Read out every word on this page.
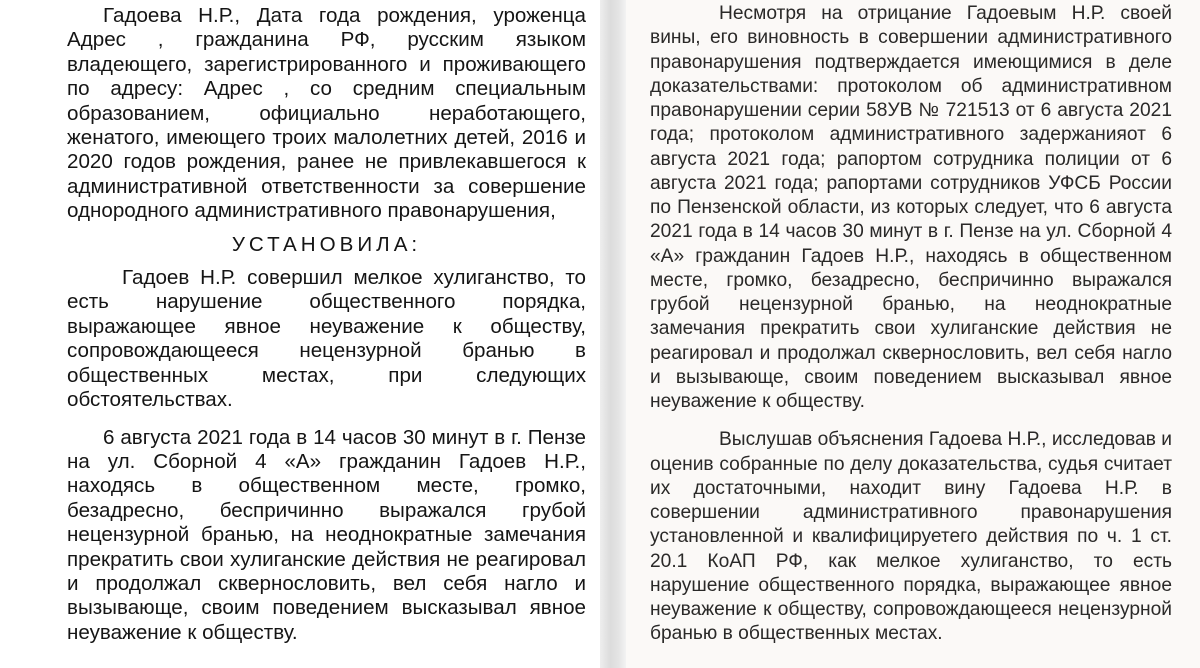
Гадоева Н.Р., Дата года рождения, уроженца Адрес , гражданина РФ, русским языком владеющего, зарегистрированного и проживающего по адресу: Адрес , со средним специальным образованием, официально неработающего, женатого, имеющего троих малолетних детей, 2016 и 2020 годов рождения, ранее не привлекавшегося к административной ответственности за совершение однородного административного правонарушения,

УСТАНОВИЛА:

Гадоев Н.Р. совершил мелкое хулиганство, то есть нарушение общественного порядка, выражающее явное неуважение к обществу, сопровождающееся нецензурной бранью в общественных местах, при следующих обстоятельствах.

6 августа 2021 года в 14 часов 30 минут в г. Пензе на ул. Сборной 4 «А» гражданин Гадоев Н.Р., находясь в общественном месте, громко, безадресно, беспричинно выражался грубой нецензурной бранью, на неоднократные замечания прекратить свои хулиганские действия не реагировал и продолжал сквернословить, вел себя нагло и вызывающе, своим поведением высказывал явное неуважение к обществу.

Несмотря на отрицание Гадоевым Н.Р. своей вины, его виновность в совершении административного правонарушения подтверждается имеющимися в деле доказательствами: протоколом об административном правонарушении серии 58УВ № 721513 от 6 августа 2021 года; протоколом административного задержанияот 6 августа 2021 года; рапортом сотрудника полиции от 6 августа 2021 года; рапортами сотрудников УФСБ России по Пензенской области, из которых следует, что 6 августа 2021 года в 14 часов 30 минут в г. Пензе на ул. Сборной 4 «А» гражданин Гадоев Н.Р., находясь в общественном месте, громко, безадресно, беспричинно выражался грубой нецензурной бранью, на неоднократные замечания прекратить свои хулиганские действия не реагировал и продолжал сквернословить, вел себя нагло и вызывающе, своим поведением высказывал явное неуважение к обществу.

Выслушав объяснения Гадоева Н.Р., исследовав и оценив собранные по делу доказательства, судья считает их достаточными, находит вину Гадоева Н.Р. в совершении административного правонарушения установленной и квалифицируетего действия по ч. 1 ст. 20.1 КоАП РФ, как мелкое хулиганство, то есть нарушение общественного порядка, выражающее явное неуважение к обществу, сопровождающееся нецензурной бранью в общественных местах.
